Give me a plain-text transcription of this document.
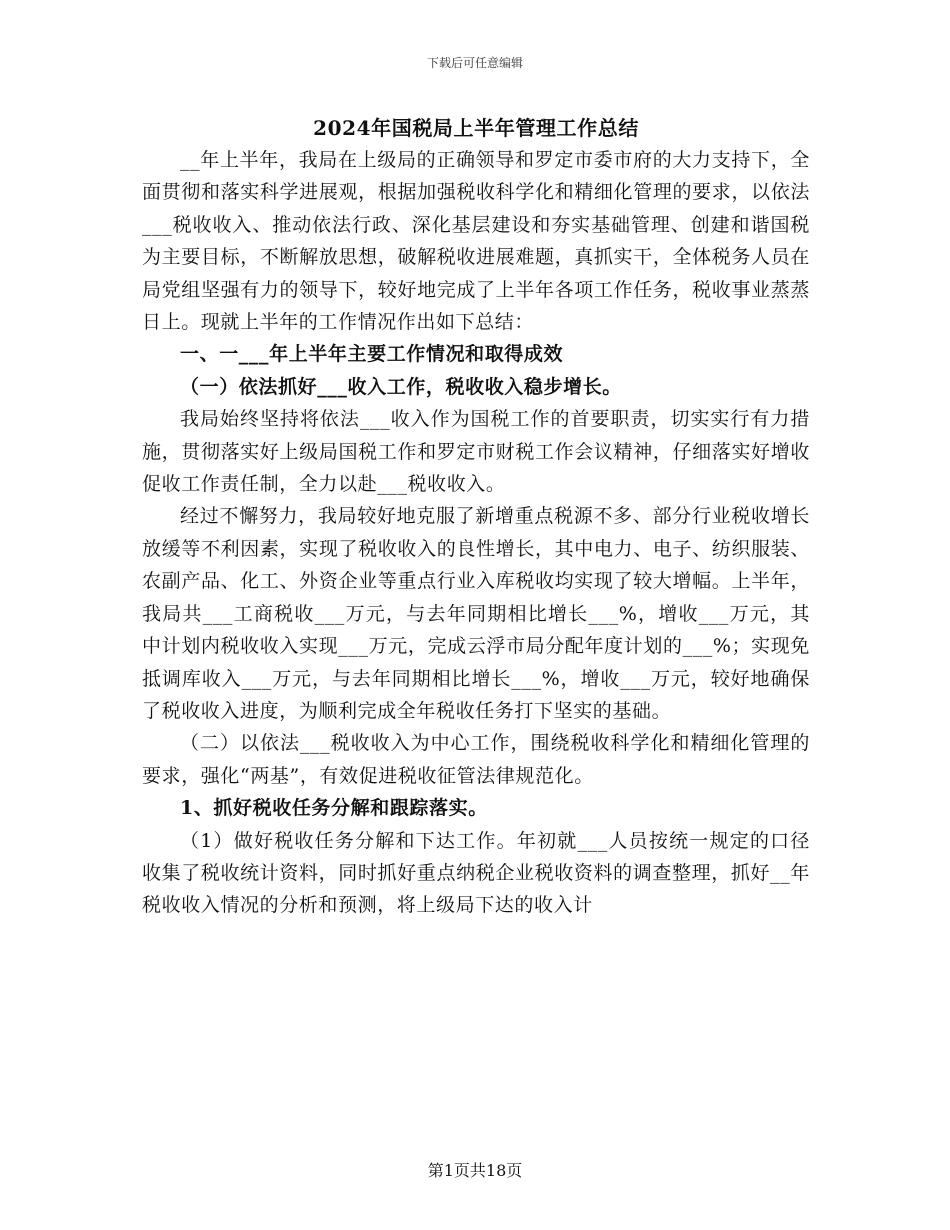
下载后可任意编辑
2024年国税局上半年管理工作总结

__年上半年，我局在上级局的正确领导和罗定市委市府的大力支持下，全面贯彻和落实科学进展观，根据加强税收科学化和精细化管理的要求，以依法___税收收入、推动依法行政、深化基层建设和夯实基础管理、创建和谐国税为主要目标，不断解放思想，破解税收进展难题，真抓实干，全体税务人员在局党组坚强有力的领导下，较好地完成了上半年各项工作任务，税收事业蒸蒸日上。现就上半年的工作情况作出如下总结：

一、一___年上半年主要工作情况和取得成效

（一）依法抓好___收入工作，税收收入稳步增长。

我局始终坚持将依法___收入作为国税工作的首要职责，切实实行有力措施，贯彻落实好上级局国税工作和罗定市财税工作会议精神，仔细落实好增收促收工作责任制，全力以赴___税收收入。

经过不懈努力，我局较好地克服了新增重点税源不多、部分行业税收增长放缓等不利因素，实现了税收收入的良性增长，其中电力、电子、纺织服装、农副产品、化工、外资企业等重点行业入库税收均实现了较大增幅。上半年，我局共___工商税收___万元，与去年同期相比增长___%，增收___万元，其中计划内税收收入实现___万元，完成云浮市局分配年度计划的___%；实现免抵调库收入___万元，与去年同期相比增长___%，增收___万元，较好地确保了税收收入进度，为顺利完成全年税收任务打下坚实的基础。

（二）以依法___税收收入为中心工作，围绕税收科学化和精细化管理的要求，强化“两基”，有效促进税收征管法律规范化。

1、抓好税收任务分解和跟踪落实。

（1）做好税收任务分解和下达工作。年初就___人员按统一规定的口径收集了税收统计资料，同时抓好重点纳税企业税收资料的调查整理，抓好__年税收收入情况的分析和预测，将上级局下达的收入计

第1页共18页
